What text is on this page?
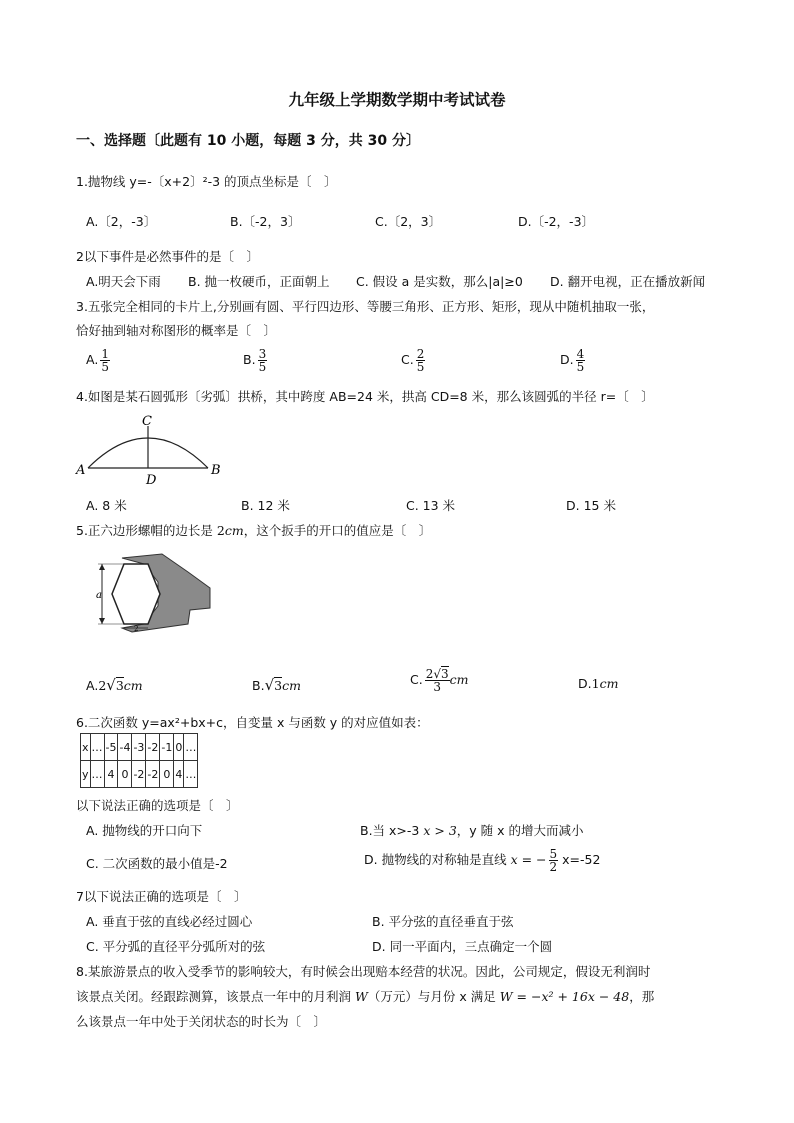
九年级上学期数学期中考试试卷
一、选择题〔此题有 10 小题，每题 3 分，共 30 分〕
1.抛物线 y=-〔x+2〕²-3 的顶点坐标是〔　〕
A.〔2，-3〕	B.〔-2，3〕	C.〔2，3〕	D.〔-2，-3〕
2以下事件是必然事件的是〔　〕
A.明天会下雨 B. 抛一枚硬币，正面朝上 C. 假设 a 是实数，那么|a|≥0 D. 翻开电视，正在播放新闻
3.五张完全相同的卡片上,分别画有圆、平行四边形、等腰三角形、正方形、矩形，现从中随机抽取一张，
恰好抽到轴对称图形的概率是〔　〕
A. $\frac{1}{5}$	B. $\frac{3}{5}$	C. $\frac{2}{5}$	D. $\frac{4}{5}$
4.如图是某石圆弧形〔劣弧〕拱桥，其中跨度 AB=24 米，拱高 CD=8 米，那么该圆弧的半径 r=〔　〕
A	B
C
D
A. 8 米	B. 12 米	C. 13 米	D. 15 米
5.正六边形螺帽的边长是 2cm，这个扳手的开口的值应是〔　〕
a
2
A.2√3cm	B.√3cm	C. $\frac{2√3}{3}$ cm	D.1cm
6.二次函数 y=ax²+bx+c，自变量 x 与函数 y 的对应值如表：
x	…	-5	-4	-3	-2	-1	0	…
y	…	4	0	-2	-2	0	4	…
以下说法正确的选项是〔　〕
A. 抛物线的开口向下	B.当 x>-3 x > 3，y 随 x 的增大而减小
C. 二次函数的最小值是-2	D. 抛物线的对称轴是直线 x = − $\frac{5}{2} x=-52$
7以下说法正确的选项是〔　〕
A. 垂直于弦的直线必经过圆心	B. 平分弦的直径垂直于弦
C. 平分弧的直径平分弧所对的弦	D. 同一平面内，三点确定一个圆
8.某旅游景点的收入受季节的影响较大，有时候会出现赔本经营的状况。因此，公司规定，假设无利润时
该景点关闭。经跟踪测算，该景点一年中的月利润 W（万元）与月份 x 满足 W = −x² + 16x − 48，那
么该景点一年中处于关闭状态的时长为〔　〕
